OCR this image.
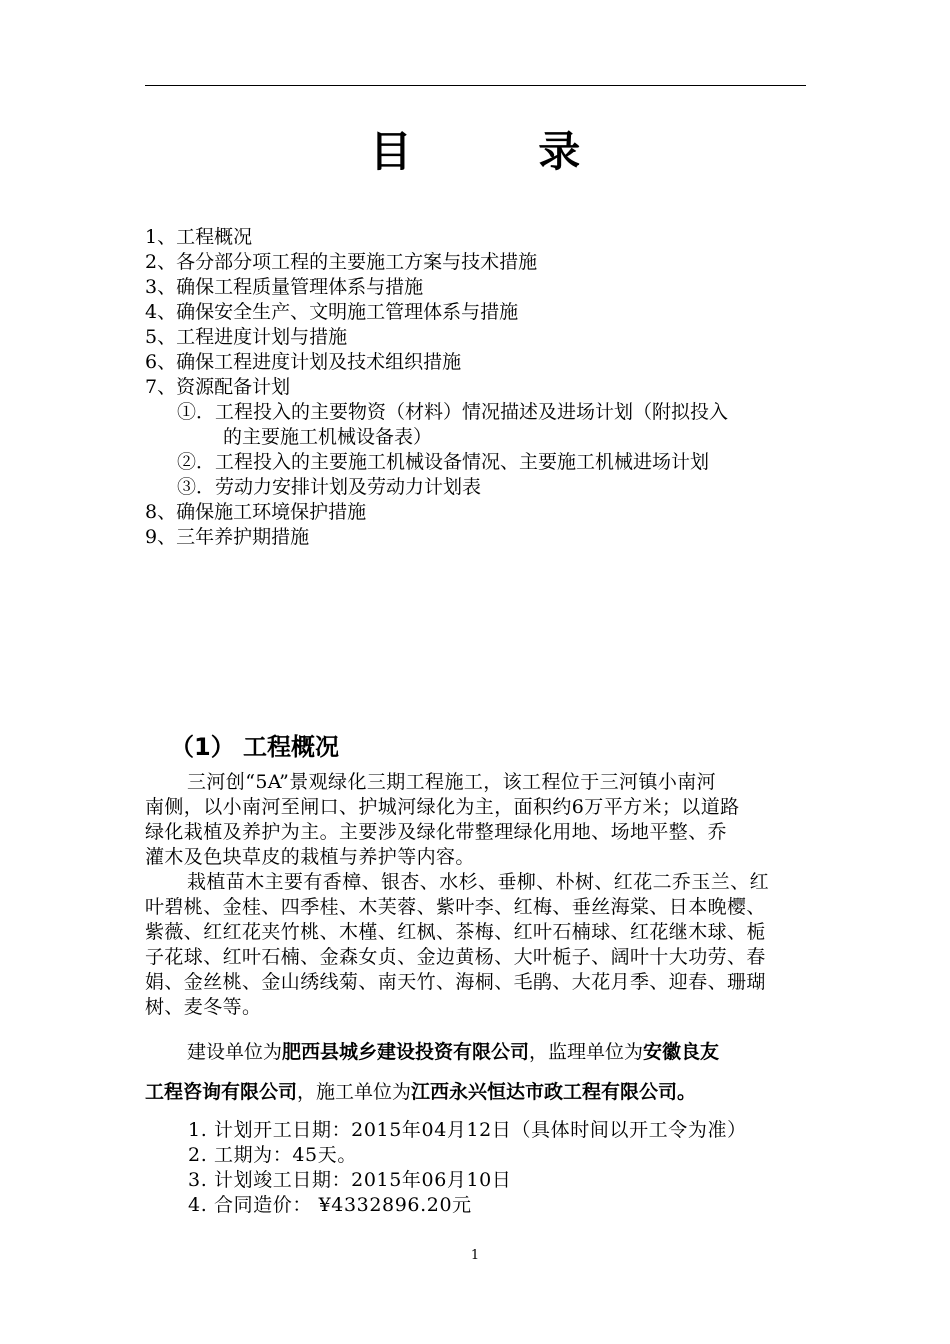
目 录
1、工程概况
2、各分部分项工程的主要施工方案与技术措施
3、确保工程质量管理体系与措施
4、确保安全生产、文明施工管理体系与措施
5、工程进度计划与措施
6、确保工程进度计划及技术组织措施
7、资源配备计划
①．工程投入的主要物资（材料）情况描述及进场计划（附拟投入
的主要施工机械设备表）
②．工程投入的主要施工机械设备情况、主要施工机械进场计划
③．劳动力安排计划及劳动力计划表
8、确保施工环境保护措施
9、三年养护期措施
（1） 工程概况
三河创“5A”景观绿化三期工程施工，该工程位于三河镇小南河
南侧，以小南河至闸口、护城河绿化为主，面积约6万平方米；以道路
绿化栽植及养护为主。主要涉及绿化带整理绿化用地、场地平整、乔
灌木及色块草皮的栽植与养护等内容。
栽植苗木主要有香樟、银杏、水杉、垂柳、朴树、红花二乔玉兰、红
叶碧桃、金桂、四季桂、木芙蓉、紫叶李、红梅、垂丝海棠、日本晚樱、
紫薇、红红花夹竹桃、木槿、红枫、茶梅、红叶石楠球、红花继木球、栀
子花球、红叶石楠、金森女贞、金边黄杨、大叶栀子、阔叶十大功劳、春
娟、金丝桃、金山绣线菊、南天竹、海桐、毛鹃、大花月季、迎春、珊瑚
树、麦冬等。
建设单位为肥西县城乡建设投资有限公司，监理单位为安徽良友
工程咨询有限公司，施工单位为江西永兴恒达市政工程有限公司。
1. 计划开工日期：2015年04月12日（具体时间以开工令为准）
2. 工期为：45天。
3. 计划竣工日期：2015年06月10日
4. 合同造价： ¥4332896.20元
1
